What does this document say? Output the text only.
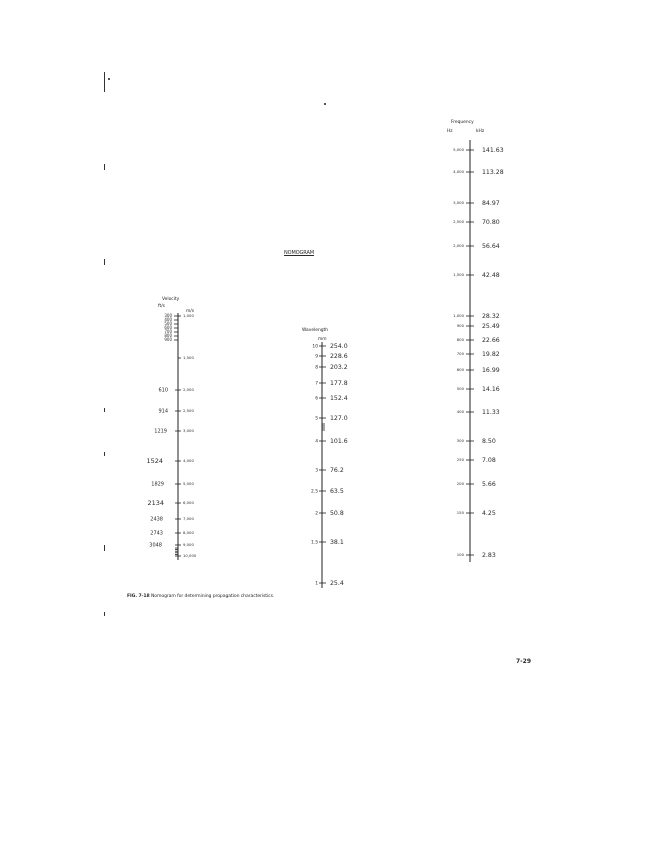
NOMOGRAM
Velocity
ft/s
m/s
Wavelength
mm
Frequency
Hz	kHz
300
400
500
600
700
800
900
610
914
1219
1524
1829
2134
2438
2743
3048
1,000
1,500
2,000
2,500
3,000
4,000
5,000
6,000
7,000
8,000
9,000
10,000
10
9
8
7
6
5
4
3
2.5
2
1.5
1
254.0
228.6
203.2
177.8
152.4
127.0
101.6
76.2
63.5
50.8
38.1
25.4
5,000
4,000
3,000
2,500
2,000
1,500
1,000
900
800
700
600
500
400
300
250
200
150
100
141.63
113.28
84.97
70.80
56.64
42.48
28.32
25.49
22.66
19.82
16.99
14.16
11.33
8.50
7.08
5.66
4.25
2.83
FIG. 7-18 Nomogram for determining propagation characteristics.
7-29
